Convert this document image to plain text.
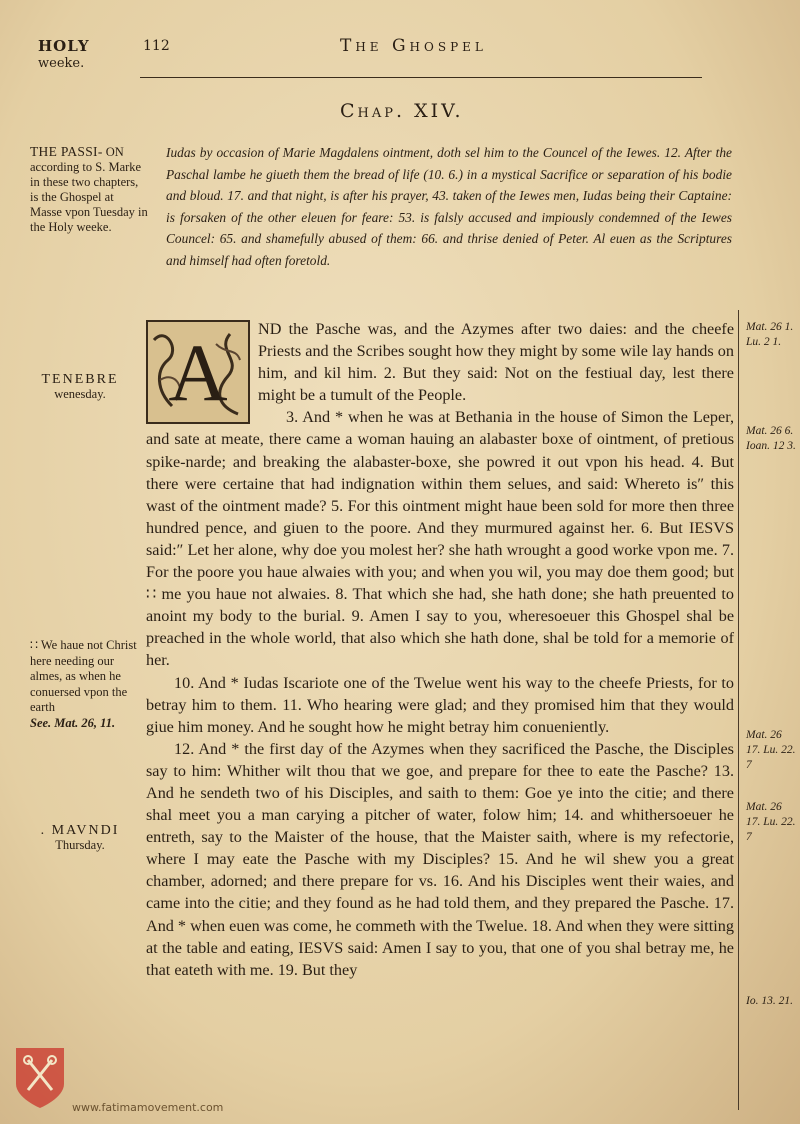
HOLY
weeke.
112	The Ghospel
Chap. XIV.
THE PASSI- ON according to S. Marke in these two chapters, is the Ghospel at Masse vpon Tuesday in the Holy weeke.
Iudas by occasion of Marie Magdalens ointment, doth sel him to the Councel of the Iewes. 12. After the Paschal lambe he giueth them the bread of life (10. 6.) in a mystical Sacrifice or separation of his bodie and bloud. 17. and that night, is after his prayer, 43. taken of the Iewes men, Iudas being their Captaine: is forsaken of the other eleuen for feare: 53. is falsly accused and impiously condemned of the Iewes Councel: 65. and shamefully abused of them: 66. and thrise denied of Peter. Al euen as the Scriptures and himself had often foretold.
TENEBRE
wenesday.
∷ We haue not Christ here needing our almes, as when he conuersed vpon the earth
See. Mat. 26, 11.
. MAVNDI
Thursday.
A	ND the Pasche was, and the Azymes after two daies: and the cheefe Priests and the Scribes sought how they might by some wile lay hands on him, and kil him. 2. But they said: Not on the festiual day, lest there might be a tumult of the People.

3. And * when he was at Bethania in the house of Simon the Leper, and sate at meate, there came a woman hauing an alabaster boxe of ointment, of pretious spike-narde; and breaking the alabaster-boxe, she powred it out vpon his head. 4. But there were certaine that had indignation within them selues, and said: Whereto is″ this wast of the ointment made? 5. For this ointment might haue been sold for more then three hundred pence, and giuen to the poore. And they murmured against her. 6. But IESVS said:″ Let her alone, why doe you molest her? she hath wrought a good worke vpon me. 7. For the poore you haue alwaies with you; and when you wil, you may doe them good; but ∷ me you haue not alwaies. 8. That which she had, she hath done; she hath preuented to anoint my body to the burial. 9. Amen I say to you, wheresoeuer this Ghospel shal be preached in the whole world, that also which she hath done, shal be told for a memorie of her.

10. And * Iudas Iscariote one of the Twelue went his way to the cheefe Priests, for to betray him to them. 11. Who hearing were glad; and they promised him that they would giue him money. And he sought how he might betray him conueniently.

12. And * the first day of the Azymes when they sacrificed the Pasche, the Disciples say to him: Whither wilt thou that we goe, and prepare for thee to eate the Pasche? 13. And he sendeth two of his Disciples, and saith to them: Goe ye into the citie; and there shal meet you a man carying a pitcher of water, folow him; 14. and whithersoeuer he entreth, say to the Maister of the house, that the Maister saith, where is my refectorie, where I may eate the Pasche with my Disciples? 15. And he wil shew you a great chamber, adorned; and there prepare for vs. 16. And his Disciples went their waies, and came into the citie; and they found as he had told them, and they prepared the Pasche. 17. And * when euen was come, he commeth with the Twelue. 18. And when they were sitting at the table and eating, IESVS said: Amen I say to you, that one of you shal betray me, he that eateth with me. 19. But they

Mat. 26 1. Lu. 2 1.
Mat. 26 6. Ioan. 12 3.
Mat. 26 17. Lu. 22. 7
Mat. 26 17. Lu. 22. 7
Io. 13. 21.
www.fatimamovement.com
